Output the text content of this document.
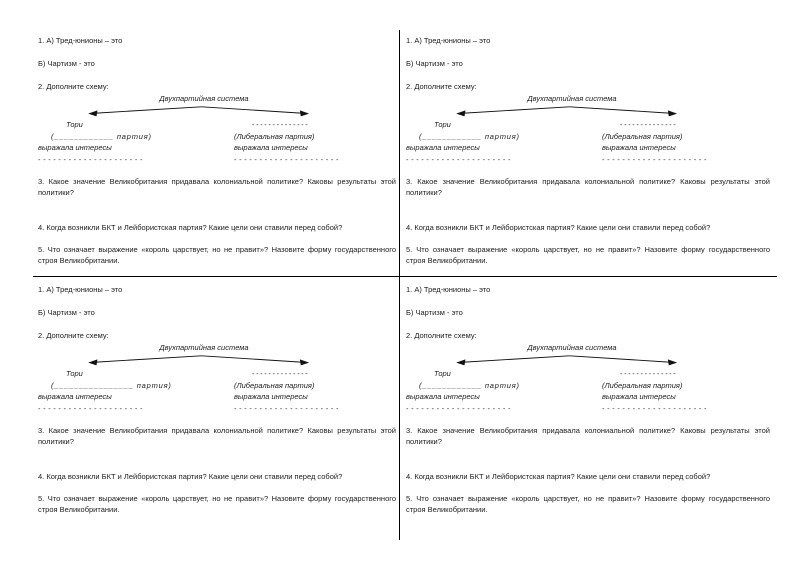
1. А) Тред-юнионы – это

Б) Чартизм - это

2. Дополните схему:

Двухпартийная система
Тори
(____________ партия)
выражала интересы
---------------------
--------------
(Либеральная партия)
выражала интересы
---------------------

3. Какое значение Великобритания придавала колониальной политике? Каковы результаты этой политики?

4. Когда возникли БКТ и Лейбористская партия? Какие цели они ставили перед собой?

5. Что означает выражение «король царствует, но не правит»? Назовите форму государственного строя Великобритании.

1. А) Тред-юнионы – это

Б) Чартизм - это

2. Дополните схему:

Двухпартийная система
Тори
(____________ партия)
выражала интересы
---------------------
--------------
(Либеральная партия)
выражала интересы
---------------------

3. Какое значение Великобритания придавала колониальной политике? Каковы результаты этой политики?

4. Когда возникли БКТ и Лейбористская партия? Какие цели они ставили перед собой?

5. Что означает выражение «король царствует, но не правит»? Назовите форму государственного строя Великобритании.

1. А) Тред-юнионы – это

Б) Чартизм - это

2. Дополните схему:

Двухпартийная система
Тори
(________________ партия)
выражала интересы
---------------------
--------------
(Либеральная партия)
выражала интересы
---------------------

3. Какое значение Великобритания придавала колониальной политике? Каковы результаты этой политики?

4. Когда возникли БКТ и Лейбористская партия? Какие цели они ставили перед собой?

5. Что означает выражение «король царствует, но не правит»? Назовите форму государственного строя Великобритании.

1. А) Тред-юнионы – это

Б) Чартизм - это

2. Дополните схему:

Двухпартийная система
Тори
(____________ партия)
выражала интересы
---------------------
--------------
(Либеральная партия)
выражала интересы
---------------------

3. Какое значение Великобритания придавала колониальной политике? Каковы результаты этой политики?

4. Когда возникли БКТ и Лейбористская партия? Какие цели они ставили перед собой?

5. Что означает выражение «король царствует, но не правит»? Назовите форму государственного строя Великобритании.
